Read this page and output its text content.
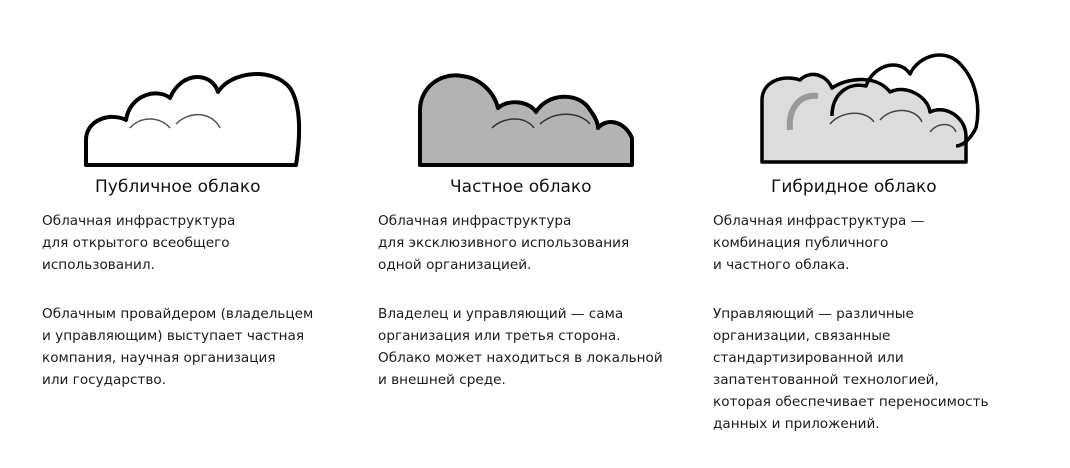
Публичное облако

Облачная инфраструктура
для открытого всеобщего
использованил.

Облачным провайдером (владельцем
и управляющим) выступает частная
компания, научная организация
или государство.

Частное облако

Облачная инфраструктура
для эксклюзивного использования
одной организацией.

Владелец и управляющий — сама
организация или третья сторона.
Облако может находиться в локальной
и внешней среде.

Гибридное облако

Облачная инфраструктура —
комбинация публичного
и частного облака.

Управляющий — различные
организации, связанные
стандартизированной или
запатентованной технологией,
которая обеспечивает переносимость
данных и приложений.
